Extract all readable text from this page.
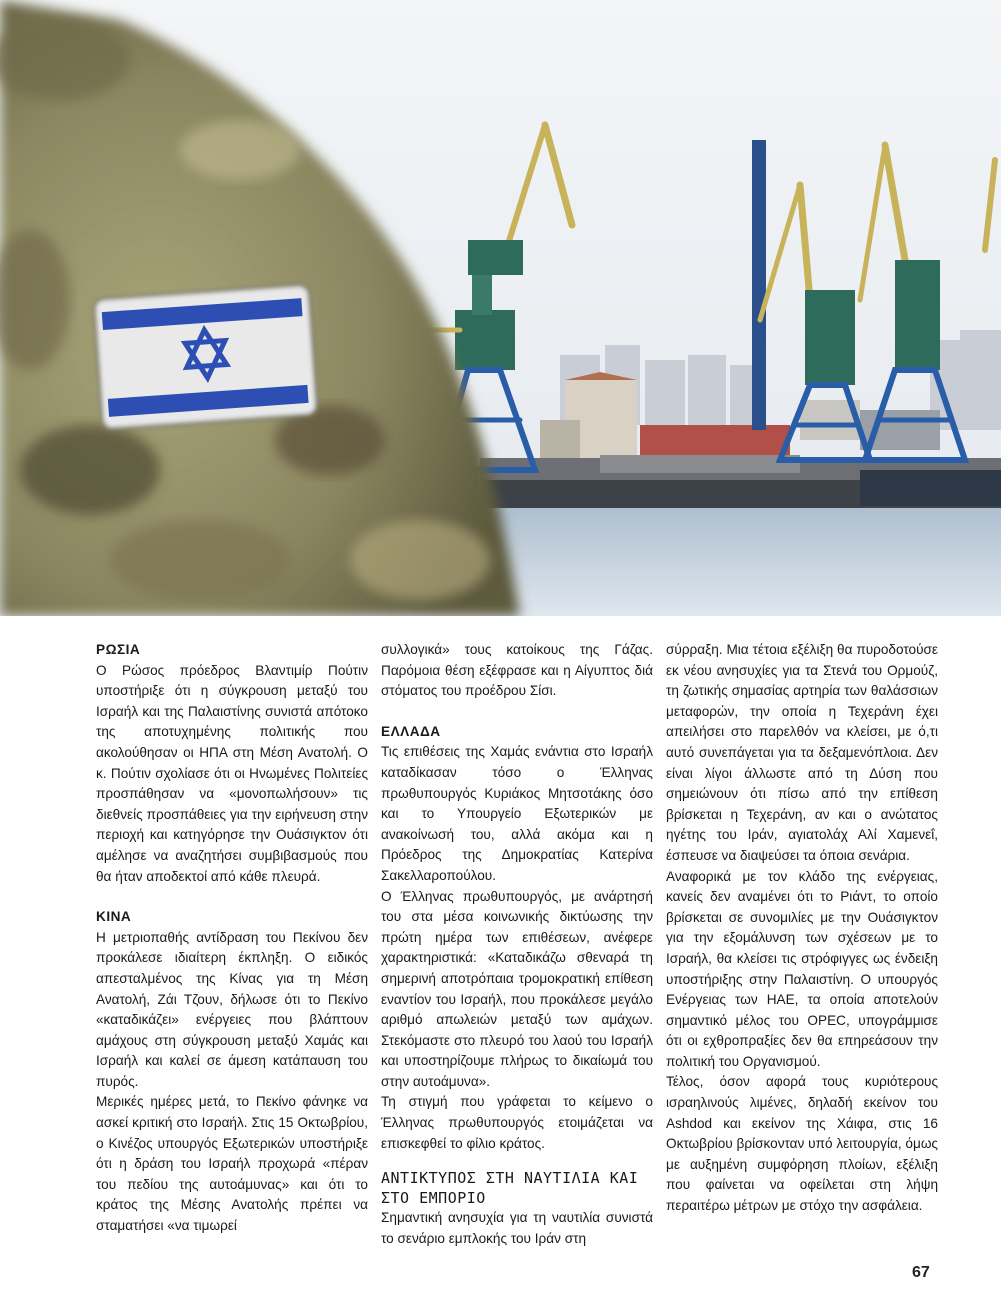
ΡΩΣΙΑ

Ο Ρώσος πρόεδρος Βλαντιμίρ Πούτιν υποστήριξε ότι η σύγκρουση μεταξύ του Ισραήλ και της Παλαιστίνης συνιστά απότοκο της αποτυχημένης πολιτικής που ακολούθησαν οι ΗΠΑ στη Μέση Ανατολή. Ο κ. Πούτιν σχολίασε ότι οι Ηνωμένες Πολιτείες προσπάθησαν να «μονοπωλήσουν» τις διεθνείς προσπάθειες για την ειρήνευση στην περιοχή και κατηγόρησε την Ουάσιγκτον ότι αμέλησε να αναζητήσει συμβιβασμούς που θα ήταν αποδεκτοί από κάθε πλευρά.

ΚΙΝΑ

Η μετριοπαθής αντίδραση του Πεκίνου δεν προκάλεσε ιδιαίτερη έκπληξη. Ο ειδικός απεσταλμένος της Κίνας για τη Μέση Ανατολή, Ζάι Τζουν, δήλωσε ότι το Πεκίνο «καταδικάζει» ενέργειες που βλάπτουν αμάχους στη σύγκρουση μεταξύ Χαμάς και Ισραήλ και καλεί σε άμεση κατάπαυση του πυρός.

Μερικές ημέρες μετά, το Πεκίνο φάνηκε να ασκεί κριτική στο Ισραήλ. Στις 15 Οκτωβρίου, ο Κινέζος υπουργός Εξωτερικών υποστήριξε ότι η δράση του Ισραήλ προχωρά «πέραν του πεδίου της αυτοάμυνας» και ότι το κράτος της Μέσης Ανατολής πρέπει να σταματήσει «να τιμωρεί

συλλογικά» τους κατοίκους της Γάζας. Παρόμοια θέση εξέφρασε και η Αίγυπτος διά στόματος του προέδρου Σίσι.

ΕΛΛΑΔΑ

Τις επιθέσεις της Χαμάς ενάντια στο Ισραήλ καταδίκασαν τόσο ο Έλληνας πρωθυπουργός Κυριάκος Μητσοτάκης όσο και το Υπουργείο Εξωτερικών με ανακοίνωσή του, αλλά ακόμα και η Πρόεδρος της Δημοκρατίας Κατερίνα Σακελλαροπούλου.

Ο Έλληνας πρωθυπουργός, με ανάρτησή του στα μέσα κοινωνικής δικτύωσης την πρώτη ημέρα των επιθέσεων, ανέφερε χαρακτηριστικά: «Καταδικάζω σθεναρά τη σημερινή αποτρόπαια τρομοκρατική επίθεση εναντίον του Ισραήλ, που προκάλεσε μεγάλο αριθμό απωλειών μεταξύ των αμάχων. Στεκόμαστε στο πλευρό του λαού του Ισραήλ και υποστηρίζουμε πλήρως το δικαίωμά του στην αυτοάμυνα».

Τη στιγμή που γράφεται το κείμενο ο Έλληνας πρωθυπουργός ετοιμάζεται να επισκεφθεί το φίλιο κράτος.

ΑΝΤΙΚΤΥΠΟΣ ΣΤΗ ΝΑΥΤΙΛΙΑ ΚΑΙ ΣΤΟ ΕΜΠΟΡΙΟ

Σημαντική ανησυχία για τη ναυτιλία συνιστά το σενάριο εμπλοκής του Ιράν στη

σύρραξη. Μια τέτοια εξέλιξη θα πυροδοτούσε εκ νέου ανησυχίες για τα Στενά του Ορμούζ, τη ζωτικής σημασίας αρτηρία των θαλάσσιων μεταφορών, την οποία η Τεχεράνη έχει απειλήσει στο παρελθόν να κλείσει, με ό,τι αυτό συνεπάγεται για τα δεξαμενόπλοια. Δεν είναι λίγοι άλλωστε από τη Δύση που σημειώνουν ότι πίσω από την επίθεση βρίσκεται η Τεχεράνη, αν και ο ανώτατος ηγέτης του Ιράν, αγιατολάχ Αλί Χαμενεΐ, έσπευσε να διαψεύσει τα όποια σενάρια.

Αναφορικά με τον κλάδο της ενέργειας, κανείς δεν αναμένει ότι το Ριάντ, το οποίο βρίσκεται σε συνομιλίες με την Ουάσιγκτον για την εξομάλυνση των σχέσεων με το Ισραήλ, θα κλείσει τις στρόφιγγες ως ένδειξη υποστήριξης στην Παλαιστίνη. Ο υπουργός Ενέργειας των ΗΑΕ, τα οποία αποτελούν σημαντικό μέλος του OPEC, υπογράμμισε ότι οι εχθροπραξίες δεν θα επηρεάσουν την πολιτική του Οργανισμού.

Τέλος, όσον αφορά τους κυριότερους ισραηλινούς λιμένες, δηλαδή εκείνον του Ashdod και εκείνον της Χάιφα, στις 16 Οκτωβρίου βρίσκονταν υπό λειτουργία, όμως με αυξημένη συμφόρηση πλοίων, εξέλιξη που φαίνεται να οφείλεται στη λήψη περαιτέρω μέτρων με στόχο την ασφάλεια.

67
